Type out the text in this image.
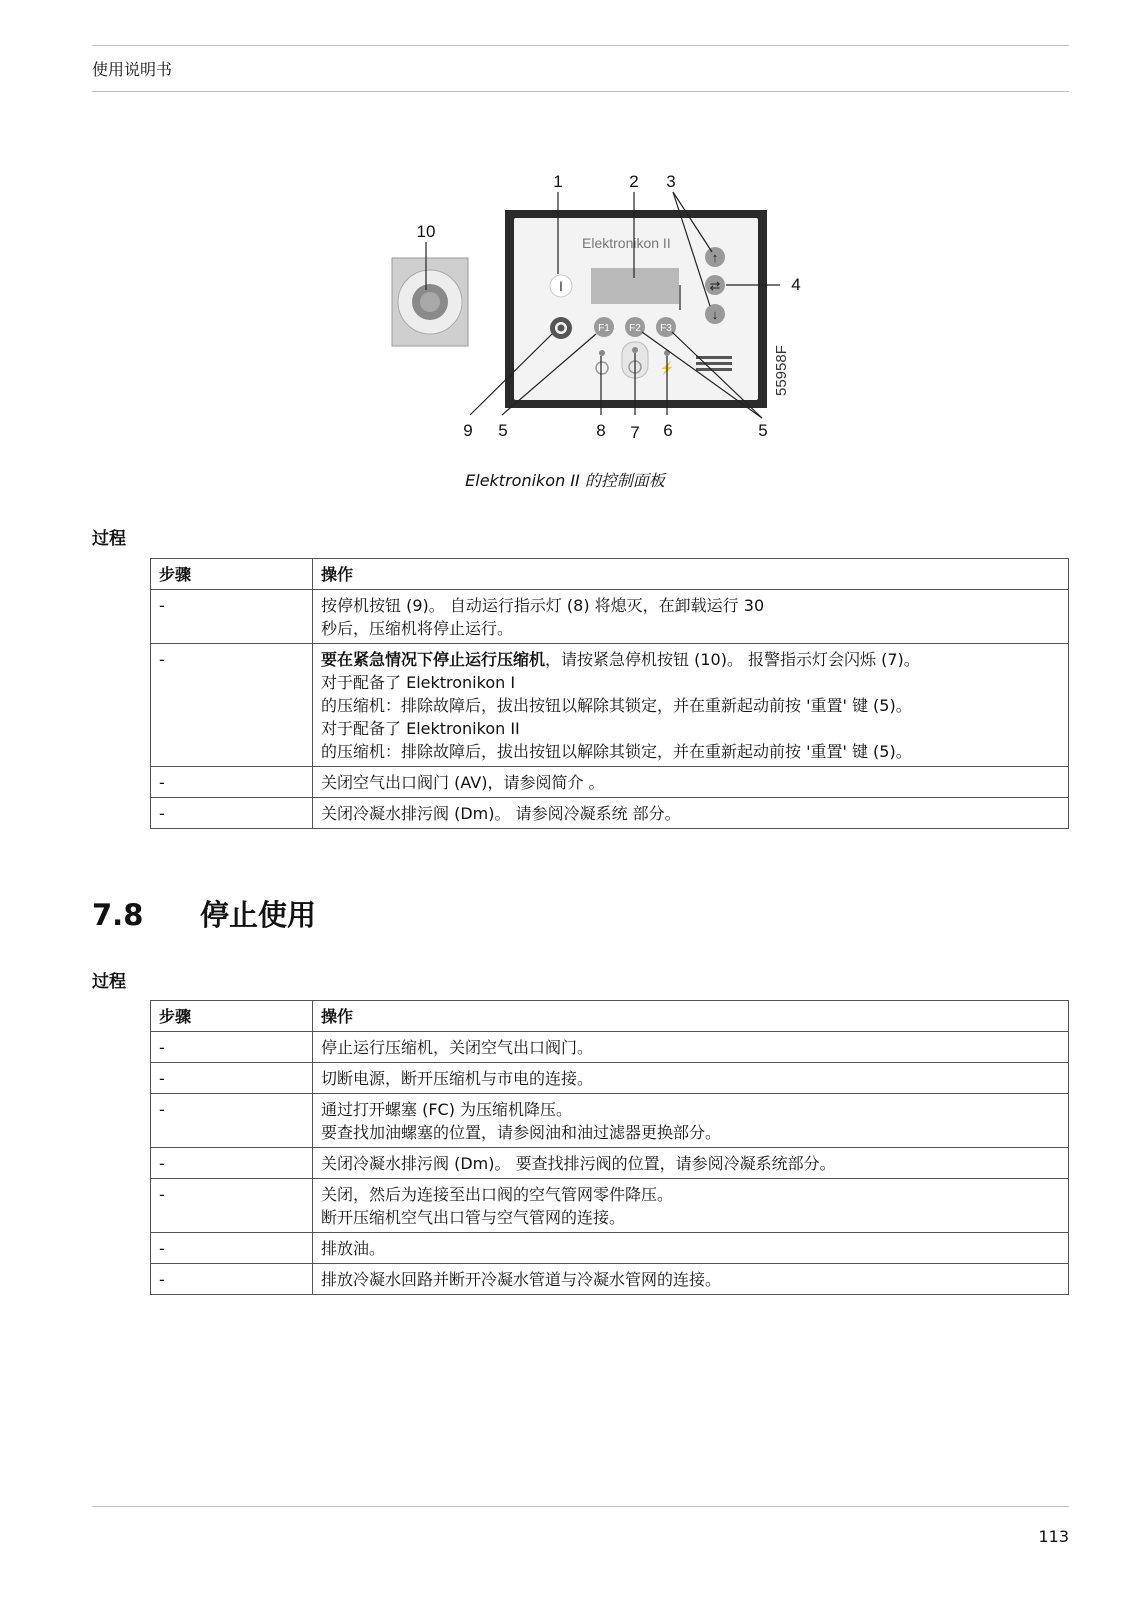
使用说明书
Elektronikon II
I
F1 F2 F3
↑
⇄
↓
⚡	55958F
1	2 3
10
4
9 5	8 7 6	5
Elektronikon II 的控制面板
过程
步骤	操作
-	按停机按钮 (9)。 自动运行指示灯 (8) 将熄灭，在卸载运行 30
秒后，压缩机将停止运行。

-	要在紧急情况下停止运行压缩机，请按紧急停机按钮 (10)。 报警指示灯会闪烁 (7)。
对于配备了 Elektronikon I
的压缩机：排除故障后，拔出按钮以解除其锁定，并在重新起动前按 '重置' 键 (5)。
对于配备了 Elektronikon II
的压缩机：排除故障后，拔出按钮以解除其锁定，并在重新起动前按 '重置' 键 (5)。

-	关闭空气出口阀门 (AV)，请参阅简介 。

-	关闭冷凝水排污阀 (Dm)。 请参阅冷凝系统 部分。
7.8 停止使用
过程
步骤	操作
-	停止运行压缩机，关闭空气出口阀门。

-	切断电源，断开压缩机与市电的连接。

-	通过打开螺塞 (FC) 为压缩机降压。
要查找加油螺塞的位置，请参阅油和油过滤器更换部分。

-	关闭冷凝水排污阀 (Dm)。 要查找排污阀的位置，请参阅冷凝系统部分。

-	关闭，然后为连接至出口阀的空气管网零件降压。
断开压缩机空气出口管与空气管网的连接。

-	排放油。

-	排放冷凝水回路并断开冷凝水管道与冷凝水管网的连接。
113
